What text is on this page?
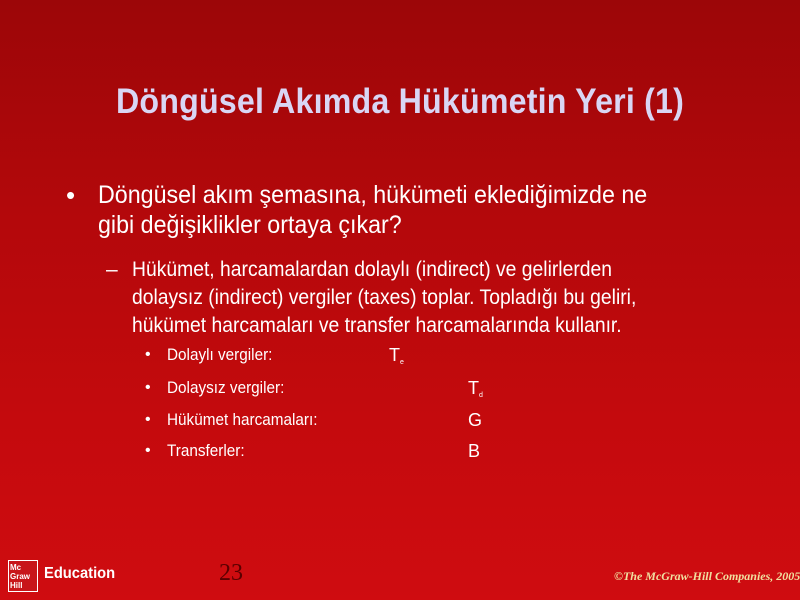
Döngüsel Akımda Hükümetin Yeri (1)
• Döngüsel akım şemasına, hükümeti eklediğimizde ne
gibi değişiklikler ortaya çıkar?
– Hükümet, harcamalardan dolaylı (indirect) ve gelirlerden
dolaysız (indirect) vergiler (taxes) toplar. Topladığı bu geliri,
hükümet harcamaları ve transfer harcamalarında kullanır.
• Dolaylı vergiler:	$T_e$
• Dolaysız vergiler:	$T_d$
• Hükümet harcamaları:	G
• Transferler:	B
Mc
Graw
Hill
Education	23	©The McGraw-Hill Companies, 2005
